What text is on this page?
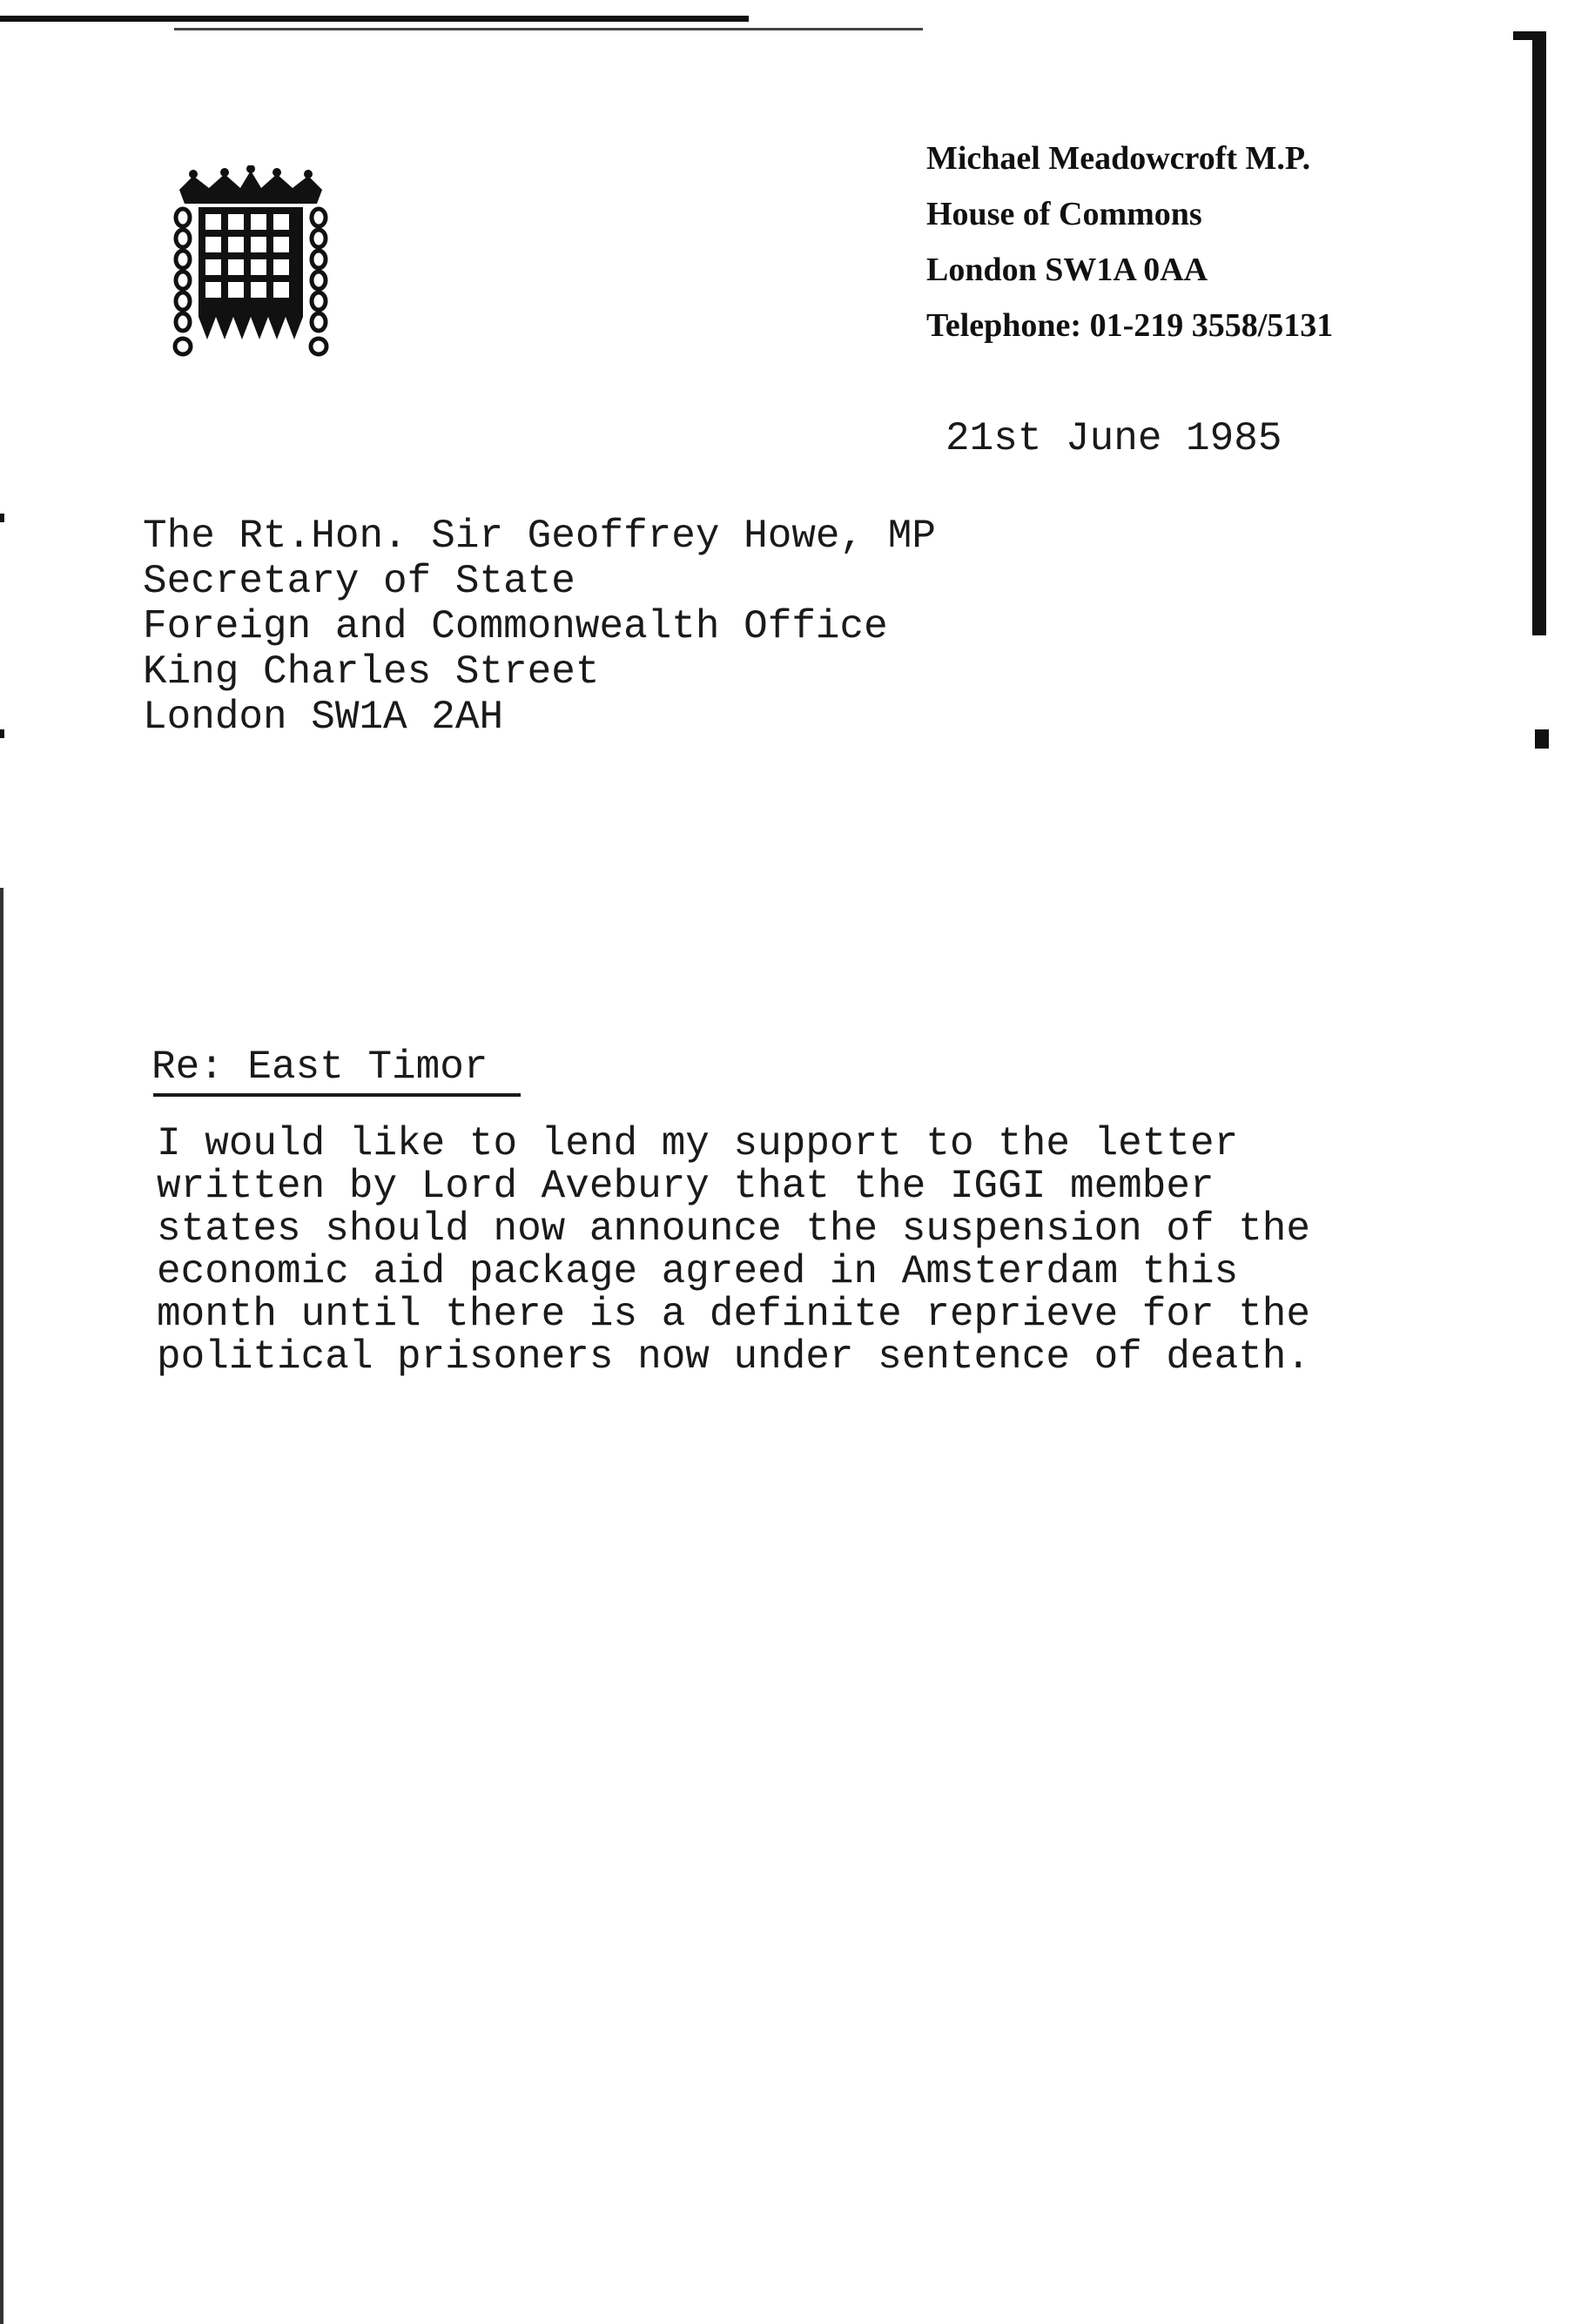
Michael Meadowcroft M.P.
House of Commons
London SW1A 0AA
Telephone: 01-219 3558/5131
21st June 1985
The Rt.Hon. Sir Geoffrey Howe, MP
Secretary of State
Foreign and Commonwealth Office
King Charles Street
London SW1A 2AH
Re: East Timor
I would like to lend my support to the letter
written by Lord Avebury that the IGGI member
states should now announce the suspension of the
economic aid package agreed in Amsterdam this
month until there is a definite reprieve for the
political prisoners now under sentence of death.
